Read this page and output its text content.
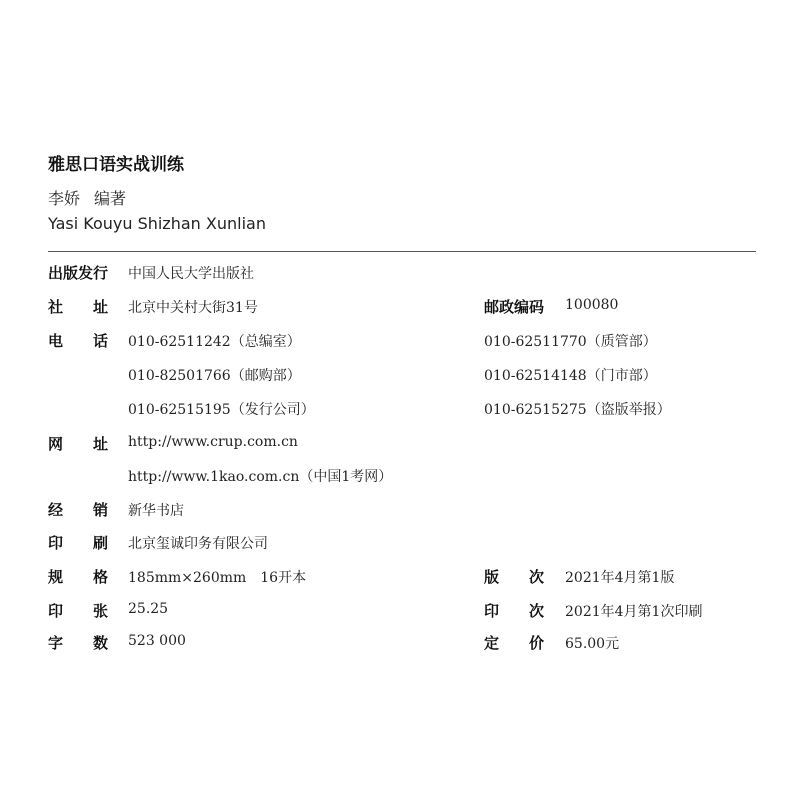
雅思口语实战训练
李娇 编著
Yasi Kouyu Shizhan Xunlian
出版发行 中国人民大学出版社
社 址 北京中关村大街31号	邮政编码 100080
电 话 010-62511242（总编室）	010-62511770（质管部）
010-82501766（邮购部）	010-62514148（门市部）
010-62515195（发行公司）	010-62515275（盗版举报）
网 址 http://www.crup.com.cn
http://www.1kao.com.cn（中国1考网）
经 销 新华书店
印 刷 北京玺诚印务有限公司
规 格 185mm×260mm　16开本	版 次 2021年4月第1版
印 张 25.25	印 次 2021年4月第1次印刷
字 数 523 000	定 价 65.00元
